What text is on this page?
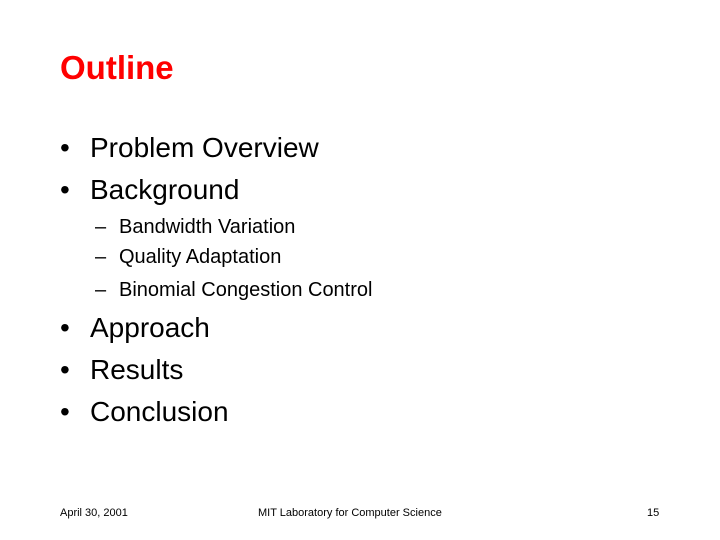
Outline
• Problem Overview
• Background
– Bandwidth Variation
– Quality Adaptation
– Binomial Congestion Control
• Approach
• Results
• Conclusion
April 30, 2001	MIT Laboratory for Computer Science	15
